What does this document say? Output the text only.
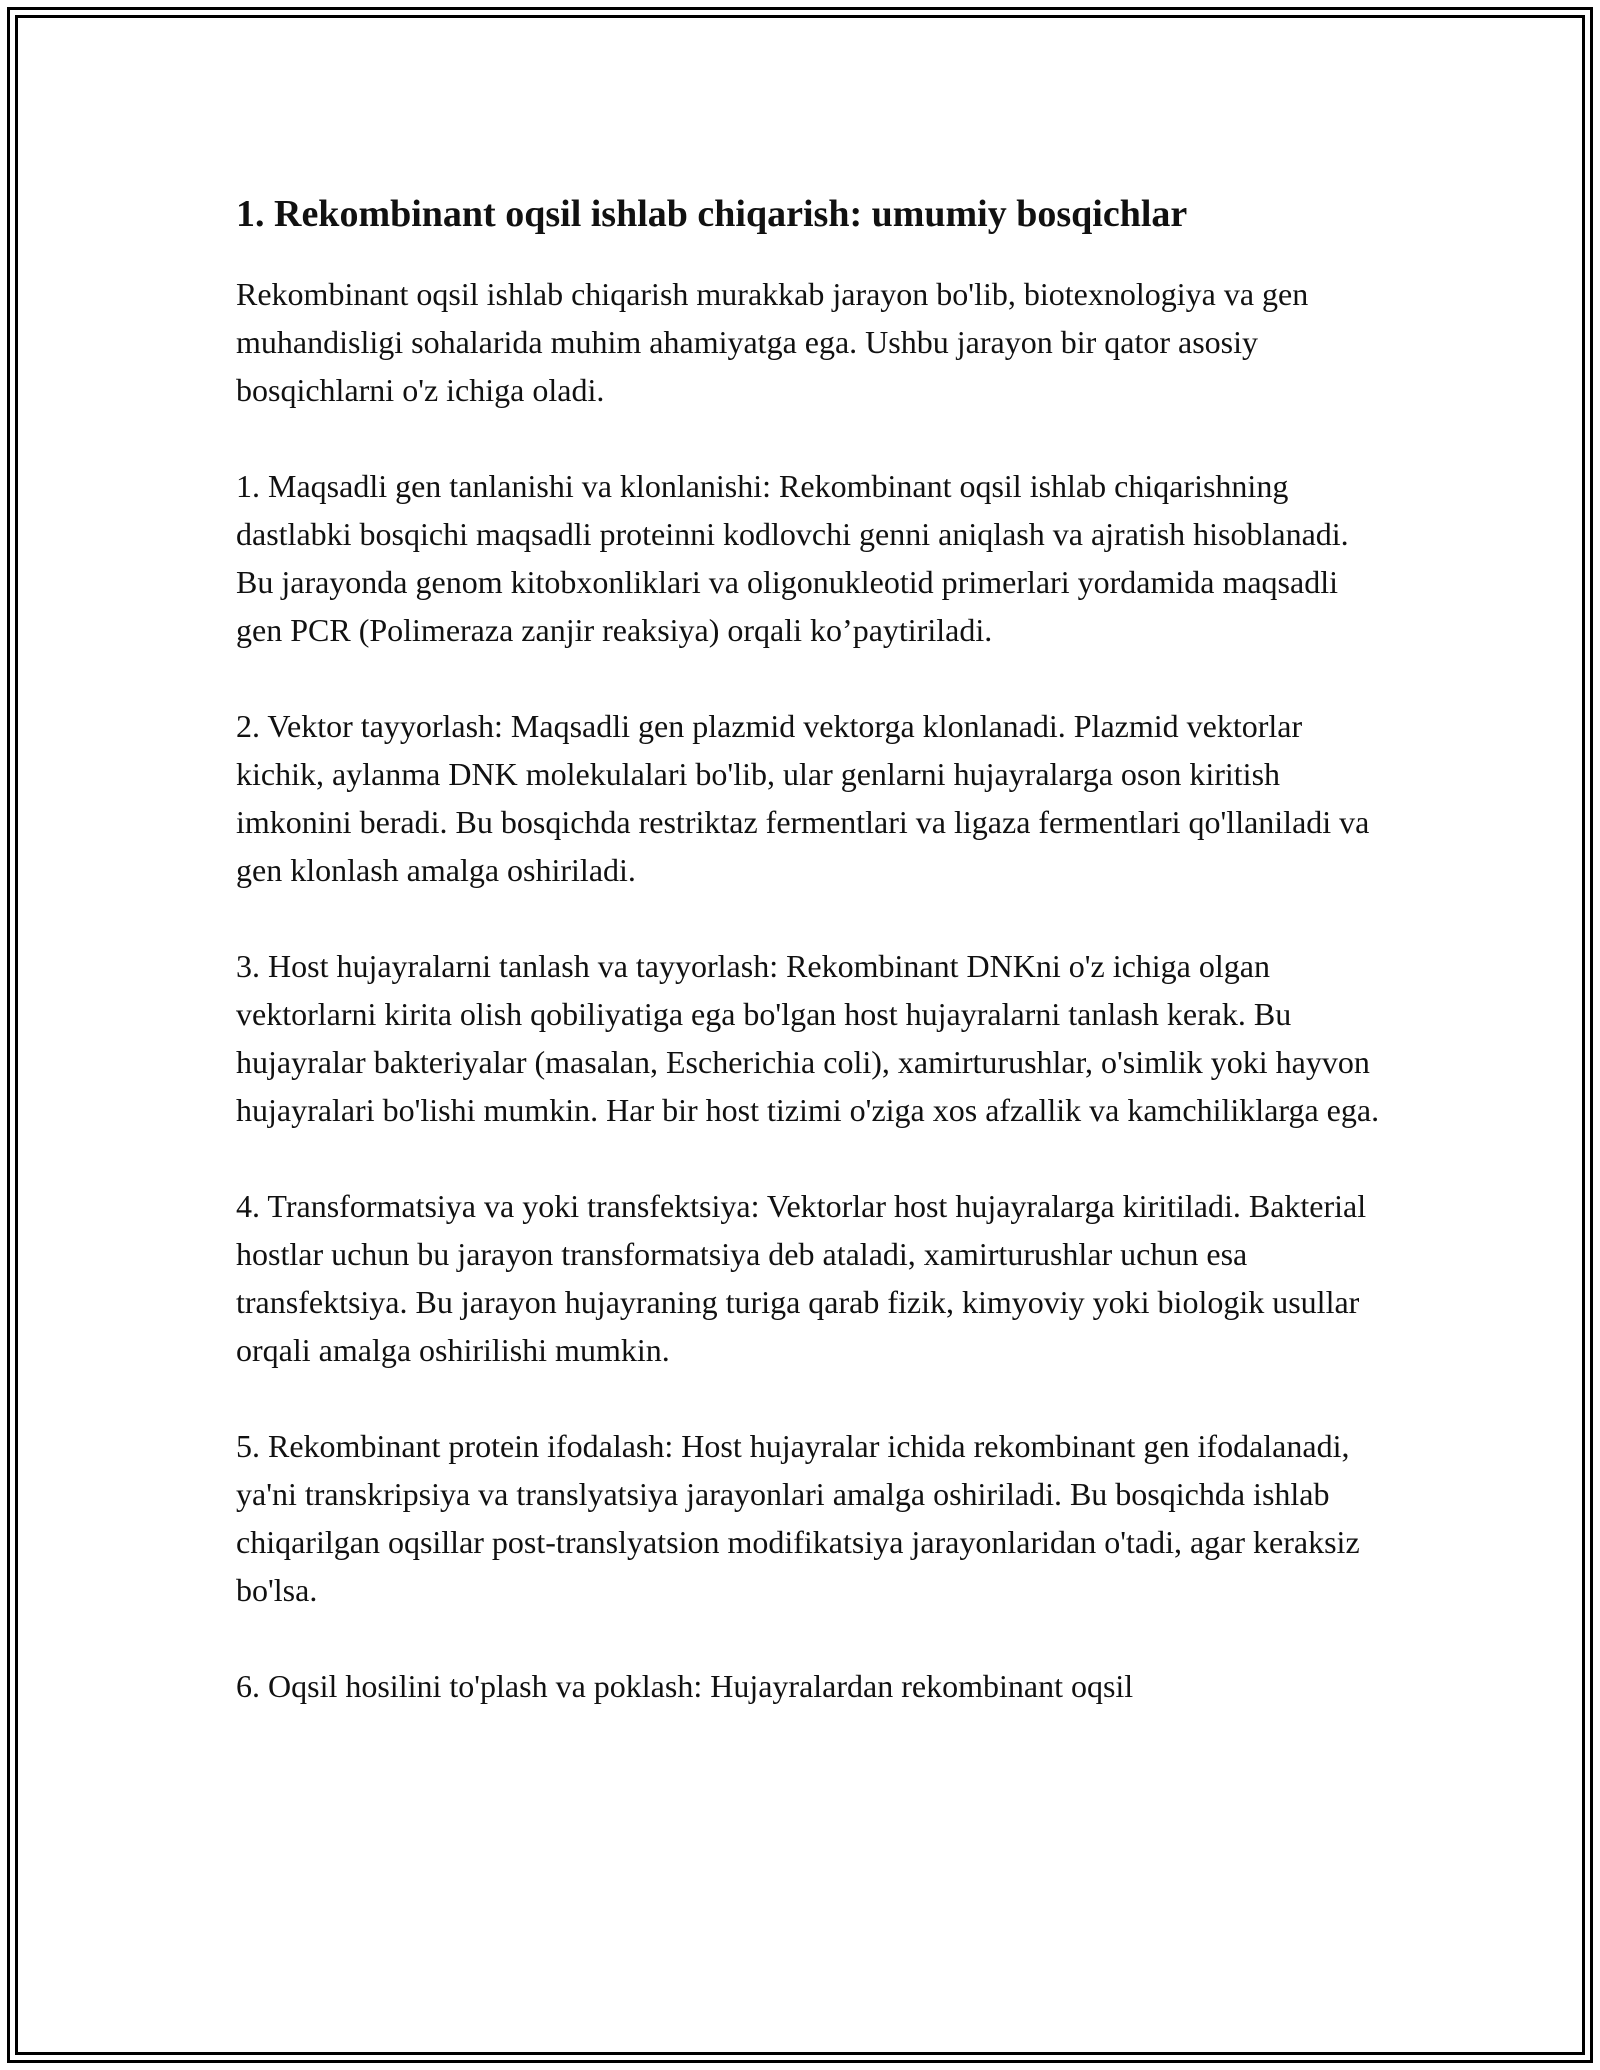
1. Rekombinant oqsil ishlab chiqarish: umumiy bosqichlar

Rekombinant oqsil ishlab chiqarish murakkab jarayon bo'lib, biotexnologiya va gen muhandisligi sohalarida muhim ahamiyatga ega. Ushbu jarayon bir qator asosiy bosqichlarni o'z ichiga oladi.

1. Maqsadli gen tanlanishi va klonlanishi: Rekombinant oqsil ishlab chiqarishning dastlabki bosqichi maqsadli proteinni kodlovchi genni aniqlash va ajratish hisoblanadi. Bu jarayonda genom kitobxonliklari va oligonukleotid primerlari yordamida maqsadli gen PCR (Polimeraza zanjir reaksiya) orqali ko’paytiriladi.

2. Vektor tayyorlash: Maqsadli gen plazmid vektorga klonlanadi. Plazmid vektorlar kichik, aylanma DNK molekulalari bo'lib, ular genlarni hujayralarga oson kiritish imkonini beradi. Bu bosqichda restriktaz fermentlari va ligaza fermentlari qo'llaniladi va gen klonlash amalga oshiriladi.

3. Host hujayralarni tanlash va tayyorlash: Rekombinant DNKni o'z ichiga olgan vektorlarni kirita olish qobiliyatiga ega bo'lgan host hujayralarni tanlash kerak. Bu hujayralar bakteriyalar (masalan, Escherichia coli), xamirturushlar, o'simlik yoki hayvon hujayralari bo'lishi mumkin. Har bir host tizimi o'ziga xos afzallik va kamchiliklarga ega.

4. Transformatsiya va yoki transfektsiya: Vektorlar host hujayralarga kiritiladi. Bakterial hostlar uchun bu jarayon transformatsiya deb ataladi, xamirturushlar uchun esa transfektsiya. Bu jarayon hujayraning turiga qarab fizik, kimyoviy yoki biologik usullar orqali amalga oshirilishi mumkin.

5. Rekombinant protein ifodalash: Host hujayralar ichida rekombinant gen ifodalanadi, ya'ni transkripsiya va translyatsiya jarayonlari amalga oshiriladi. Bu bosqichda ishlab chiqarilgan oqsillar post-translyatsion modifikatsiya jarayonlaridan o'tadi, agar keraksiz bo'lsa.

6. Oqsil hosilini to'plash va poklash: Hujayralardan rekombinant oqsil
